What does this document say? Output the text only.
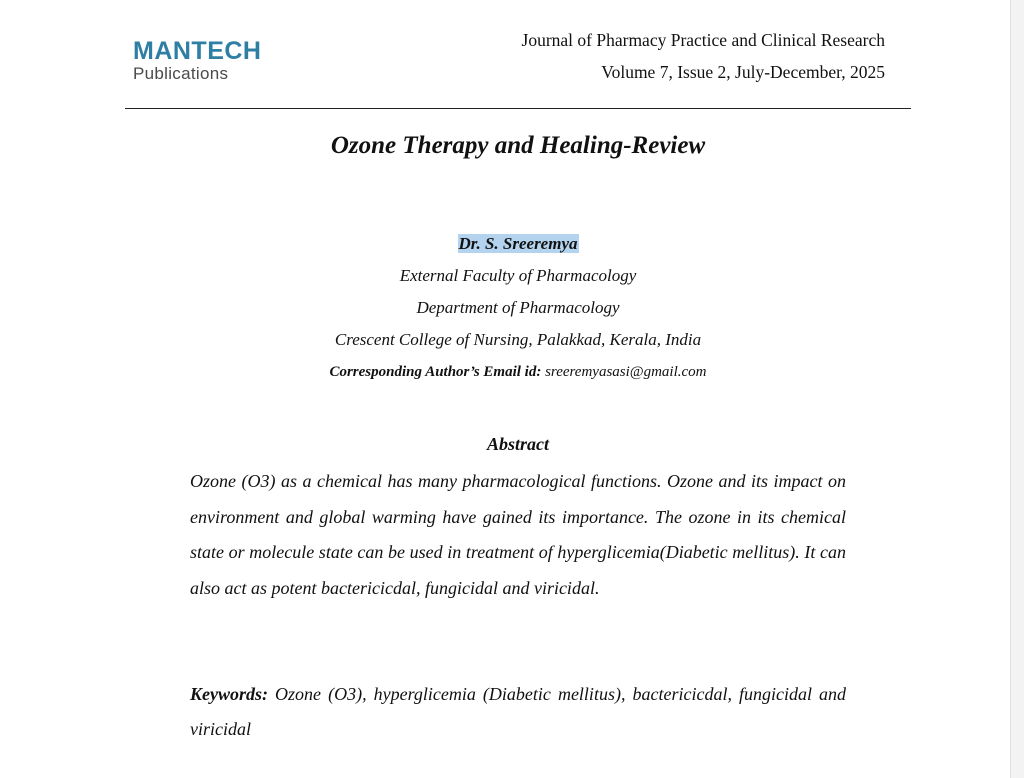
MANTECH
Publications
Journal of Pharmacy Practice and Clinical Research
Volume 7, Issue 2, July-December, 2025
Ozone Therapy and Healing-Review
Dr. S. Sreeremya
External Faculty of Pharmacology
Department of Pharmacology
Crescent College of Nursing, Palakkad, Kerala, India
Corresponding Author’s Email id: sreeremyasasi@gmail.com
Abstract
Ozone (O3) as a chemical has many pharmacological functions. Ozone and its impact on environment and global warming have gained its importance. The ozone in its chemical state or molecule state can be used in treatment of hyperglicemia(Diabetic mellitus). It can also act as potent bactericicdal, fungicidal and viricidal.
Keywords: Ozone (O3), hyperglicemia (Diabetic mellitus), bactericicdal, fungicidal and viricidal
